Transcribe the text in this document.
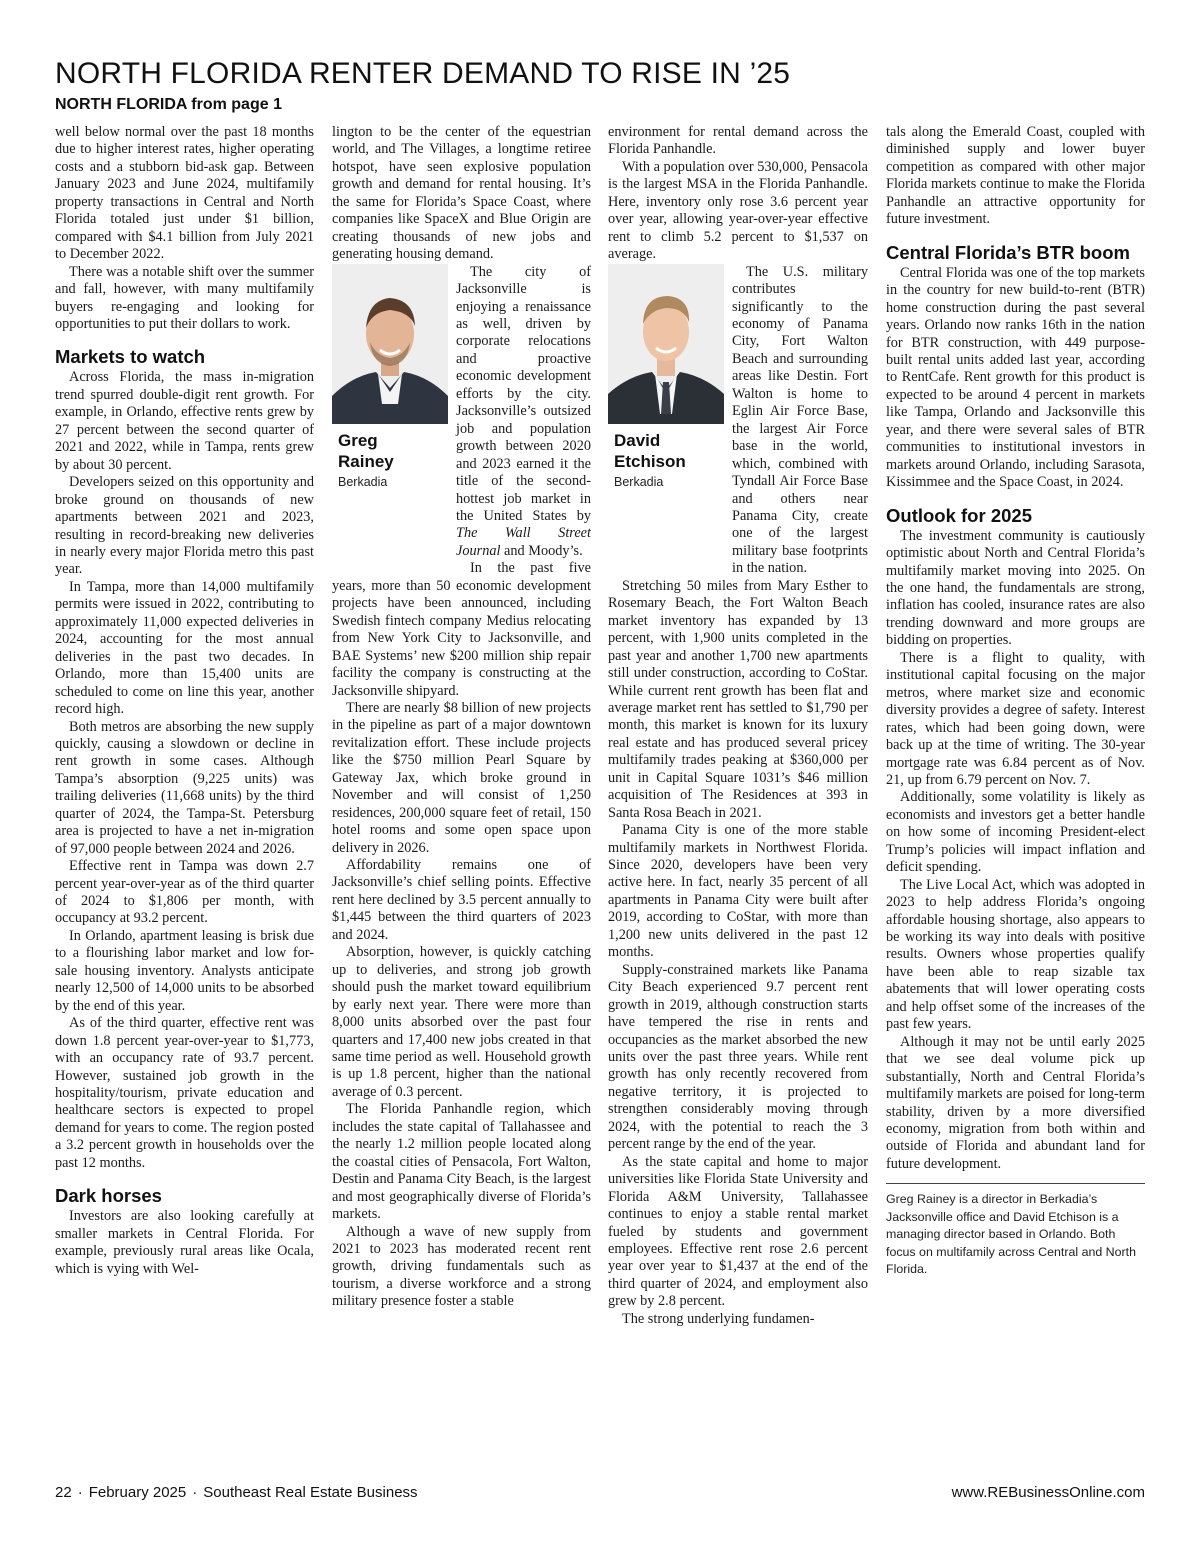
NORTH FLORIDA RENTER DEMAND TO RISE IN ’25
NORTH FLORIDA from page 1

well below normal over the past 18 months due to higher interest rates, higher operating costs and a stubborn bid-ask gap. Between January 2023 and June 2024, multifamily property transactions in Central and North Florida totaled just under $1 billion, compared with $4.1 billion from July 2021 to December 2022.

There was a notable shift over the summer and fall, however, with many multifamily buyers re-engaging and looking for opportunities to put their dollars to work.

Markets to watch

Across Florida, the mass in-migration trend spurred double-digit rent growth. For example, in Orlando, effective rents grew by 27 percent between the second quarter of 2021 and 2022, while in Tampa, rents grew by about 30 percent.

Developers seized on this opportunity and broke ground on thousands of new apartments between 2021 and 2023, resulting in record-breaking new deliveries in nearly every major Florida metro this past year.

In Tampa, more than 14,000 multifamily permits were issued in 2022, contributing to approximately 11,000 expected deliveries in 2024, accounting for the most annual deliveries in the past two decades. In Orlando, more than 15,400 units are scheduled to come on line this year, another record high.

Both metros are absorbing the new supply quickly, causing a slowdown or decline in rent growth in some cases. Although Tampa’s absorption (9,225 units) was trailing deliveries (11,668 units) by the third quarter of 2024, the Tampa-St. Petersburg area is projected to have a net in-migration of 97,000 people between 2024 and 2026.

Effective rent in Tampa was down 2.7 percent year-over-year as of the third quarter of 2024 to $1,806 per month, with occupancy at 93.2 percent.

In Orlando, apartment leasing is brisk due to a flourishing labor market and low for-sale housing inventory. Analysts anticipate nearly 12,500 of 14,000 units to be absorbed by the end of this year.

As of the third quarter, effective rent was down 1.8 percent year-over-year to $1,773, with an occupancy rate of 93.7 percent. However, sustained job growth in the hospitality/tourism, private education and healthcare sectors is expected to propel demand for years to come. The region posted a 3.2 percent growth in households over the past 12 months.

Dark horses

Investors are also looking carefully at smaller markets in Central Florida. For example, previously rural areas like Ocala, which is vying with Wel-

lington to be the center of the equestrian world, and The Villages, a longtime retiree hotspot, have seen explosive population growth and demand for rental housing. It’s the same for Florida’s Space Coast, where companies like SpaceX and Blue Origin are creating thousands of new jobs and generating housing demand.

Greg
Rainey
Berkadia

The city of Jacksonville is enjoying a renaissance as well, driven by corporate relocations and proactive economic development efforts by the city. Jacksonville’s outsized job and population growth between 2020 and 2023 earned it the title of the second-hottest job market in the United States by The Wall Street Journal and Moody’s.

In the past five years, more than 50 economic development projects have been announced, including Swedish fintech company Medius relocating from New York City to Jacksonville, and BAE Systems’ new $200 million ship repair facility the company is constructing at the Jacksonville shipyard.

There are nearly $8 billion of new projects in the pipeline as part of a major downtown revitalization effort. These include projects like the $750 million Pearl Square by Gateway Jax, which broke ground in November and will consist of 1,250 residences, 200,000 square feet of retail, 150 hotel rooms and some open space upon delivery in 2026.

Affordability remains one of Jacksonville’s chief selling points. Effective rent here declined by 3.5 percent annually to $1,445 between the third quarters of 2023 and 2024.

Absorption, however, is quickly catching up to deliveries, and strong job growth should push the market toward equilibrium by early next year. There were more than 8,000 units absorbed over the past four quarters and 17,400 new jobs created in that same time period as well. Household growth is up 1.8 percent, higher than the national average of 0.3 percent.

The Florida Panhandle region, which includes the state capital of Tallahassee and the nearly 1.2 million people located along the coastal cities of Pensacola, Fort Walton, Destin and Panama City Beach, is the largest and most geographically diverse of Florida’s markets.

Although a wave of new supply from 2021 to 2023 has moderated recent rent growth, driving fundamentals such as tourism, a diverse workforce and a strong military presence foster a stable

environment for rental demand across the Florida Panhandle.

With a population over 530,000, Pensacola is the largest MSA in the Florida Panhandle. Here, inventory only rose 3.6 percent year over year, allowing year-over-year effective rent to climb 5.2 percent to $1,537 on average.

David
Etchison
Berkadia

The U.S. military contributes significantly to the economy of Panama City, Fort Walton Beach and surrounding areas like Destin. Fort Walton is home to Eglin Air Force Base, the largest Air Force base in the world, which, combined with Tyndall Air Force Base and others near Panama City, create one of the largest military base footprints in the nation.

Stretching 50 miles from Mary Esther to Rosemary Beach, the Fort Walton Beach market inventory has expanded by 13 percent, with 1,900 units completed in the past year and another 1,700 new apartments still under construction, according to CoStar. While current rent growth has been flat and average market rent has settled to $1,790 per month, this market is known for its luxury real estate and has produced several pricey multifamily trades peaking at $360,000 per unit in Capital Square 1031’s $46 million acquisition of The Residences at 393 in Santa Rosa Beach in 2021.

Panama City is one of the more stable multifamily markets in Northwest Florida. Since 2020, developers have been very active here. In fact, nearly 35 percent of all apartments in Panama City were built after 2019, according to CoStar, with more than 1,200 new units delivered in the past 12 months.

Supply-constrained markets like Panama City Beach experienced 9.7 percent rent growth in 2019, although construction starts have tempered the rise in rents and occupancies as the market absorbed the new units over the past three years. While rent growth has only recently recovered from negative territory, it is projected to strengthen considerably moving through 2024, with the potential to reach the 3 percent range by the end of the year.

As the state capital and home to major universities like Florida State University and Florida A&M University, Tallahassee continues to enjoy a stable rental market fueled by students and government employees. Effective rent rose 2.6 percent year over year to $1,437 at the end of the third quarter of 2024, and employment also grew by 2.8 percent.

The strong underlying fundamen-

tals along the Emerald Coast, coupled with diminished supply and lower buyer competition as compared with other major Florida markets continue to make the Florida Panhandle an attractive opportunity for future investment.

Central Florida’s BTR boom

Central Florida was one of the top markets in the country for new build-to-rent (BTR) home construction during the past several years. Orlando now ranks 16th in the nation for BTR construction, with 449 purpose-built rental units added last year, according to RentCafe. Rent growth for this product is expected to be around 4 percent in markets like Tampa, Orlando and Jacksonville this year, and there were several sales of BTR communities to institutional investors in markets around Orlando, including Sarasota, Kissimmee and the Space Coast, in 2024.

Outlook for 2025

The investment community is cautiously optimistic about North and Central Florida’s multifamily market moving into 2025. On the one hand, the fundamentals are strong, inflation has cooled, insurance rates are also trending downward and more groups are bidding on properties.

There is a flight to quality, with institutional capital focusing on the major metros, where market size and economic diversity provides a degree of safety. Interest rates, which had been going down, were back up at the time of writing. The 30-year mortgage rate was 6.84 percent as of Nov. 21, up from 6.79 percent on Nov. 7.

Additionally, some volatility is likely as economists and investors get a better handle on how some of incoming President-elect Trump’s policies will impact inflation and deficit spending.

The Live Local Act, which was adopted in 2023 to help address Florida’s ongoing affordable housing shortage, also appears to be working its way into deals with positive results. Owners whose properties qualify have been able to reap sizable tax abatements that will lower operating costs and help offset some of the increases of the past few years.

Although it may not be until early 2025 that we see deal volume pick up substantially, North and Central Florida’s multifamily markets are poised for long-term stability, driven by a more diversified economy, migration from both within and outside of Florida and abundant land for future development.

Greg Rainey is a director in Berkadia’s Jacksonville office and David Etchison is a managing director based in Orlando. Both focus on multifamily across Central and North Florida.
22 · February 2025 · Southeast Real Estate Business	www.REBusinessOnline.com
